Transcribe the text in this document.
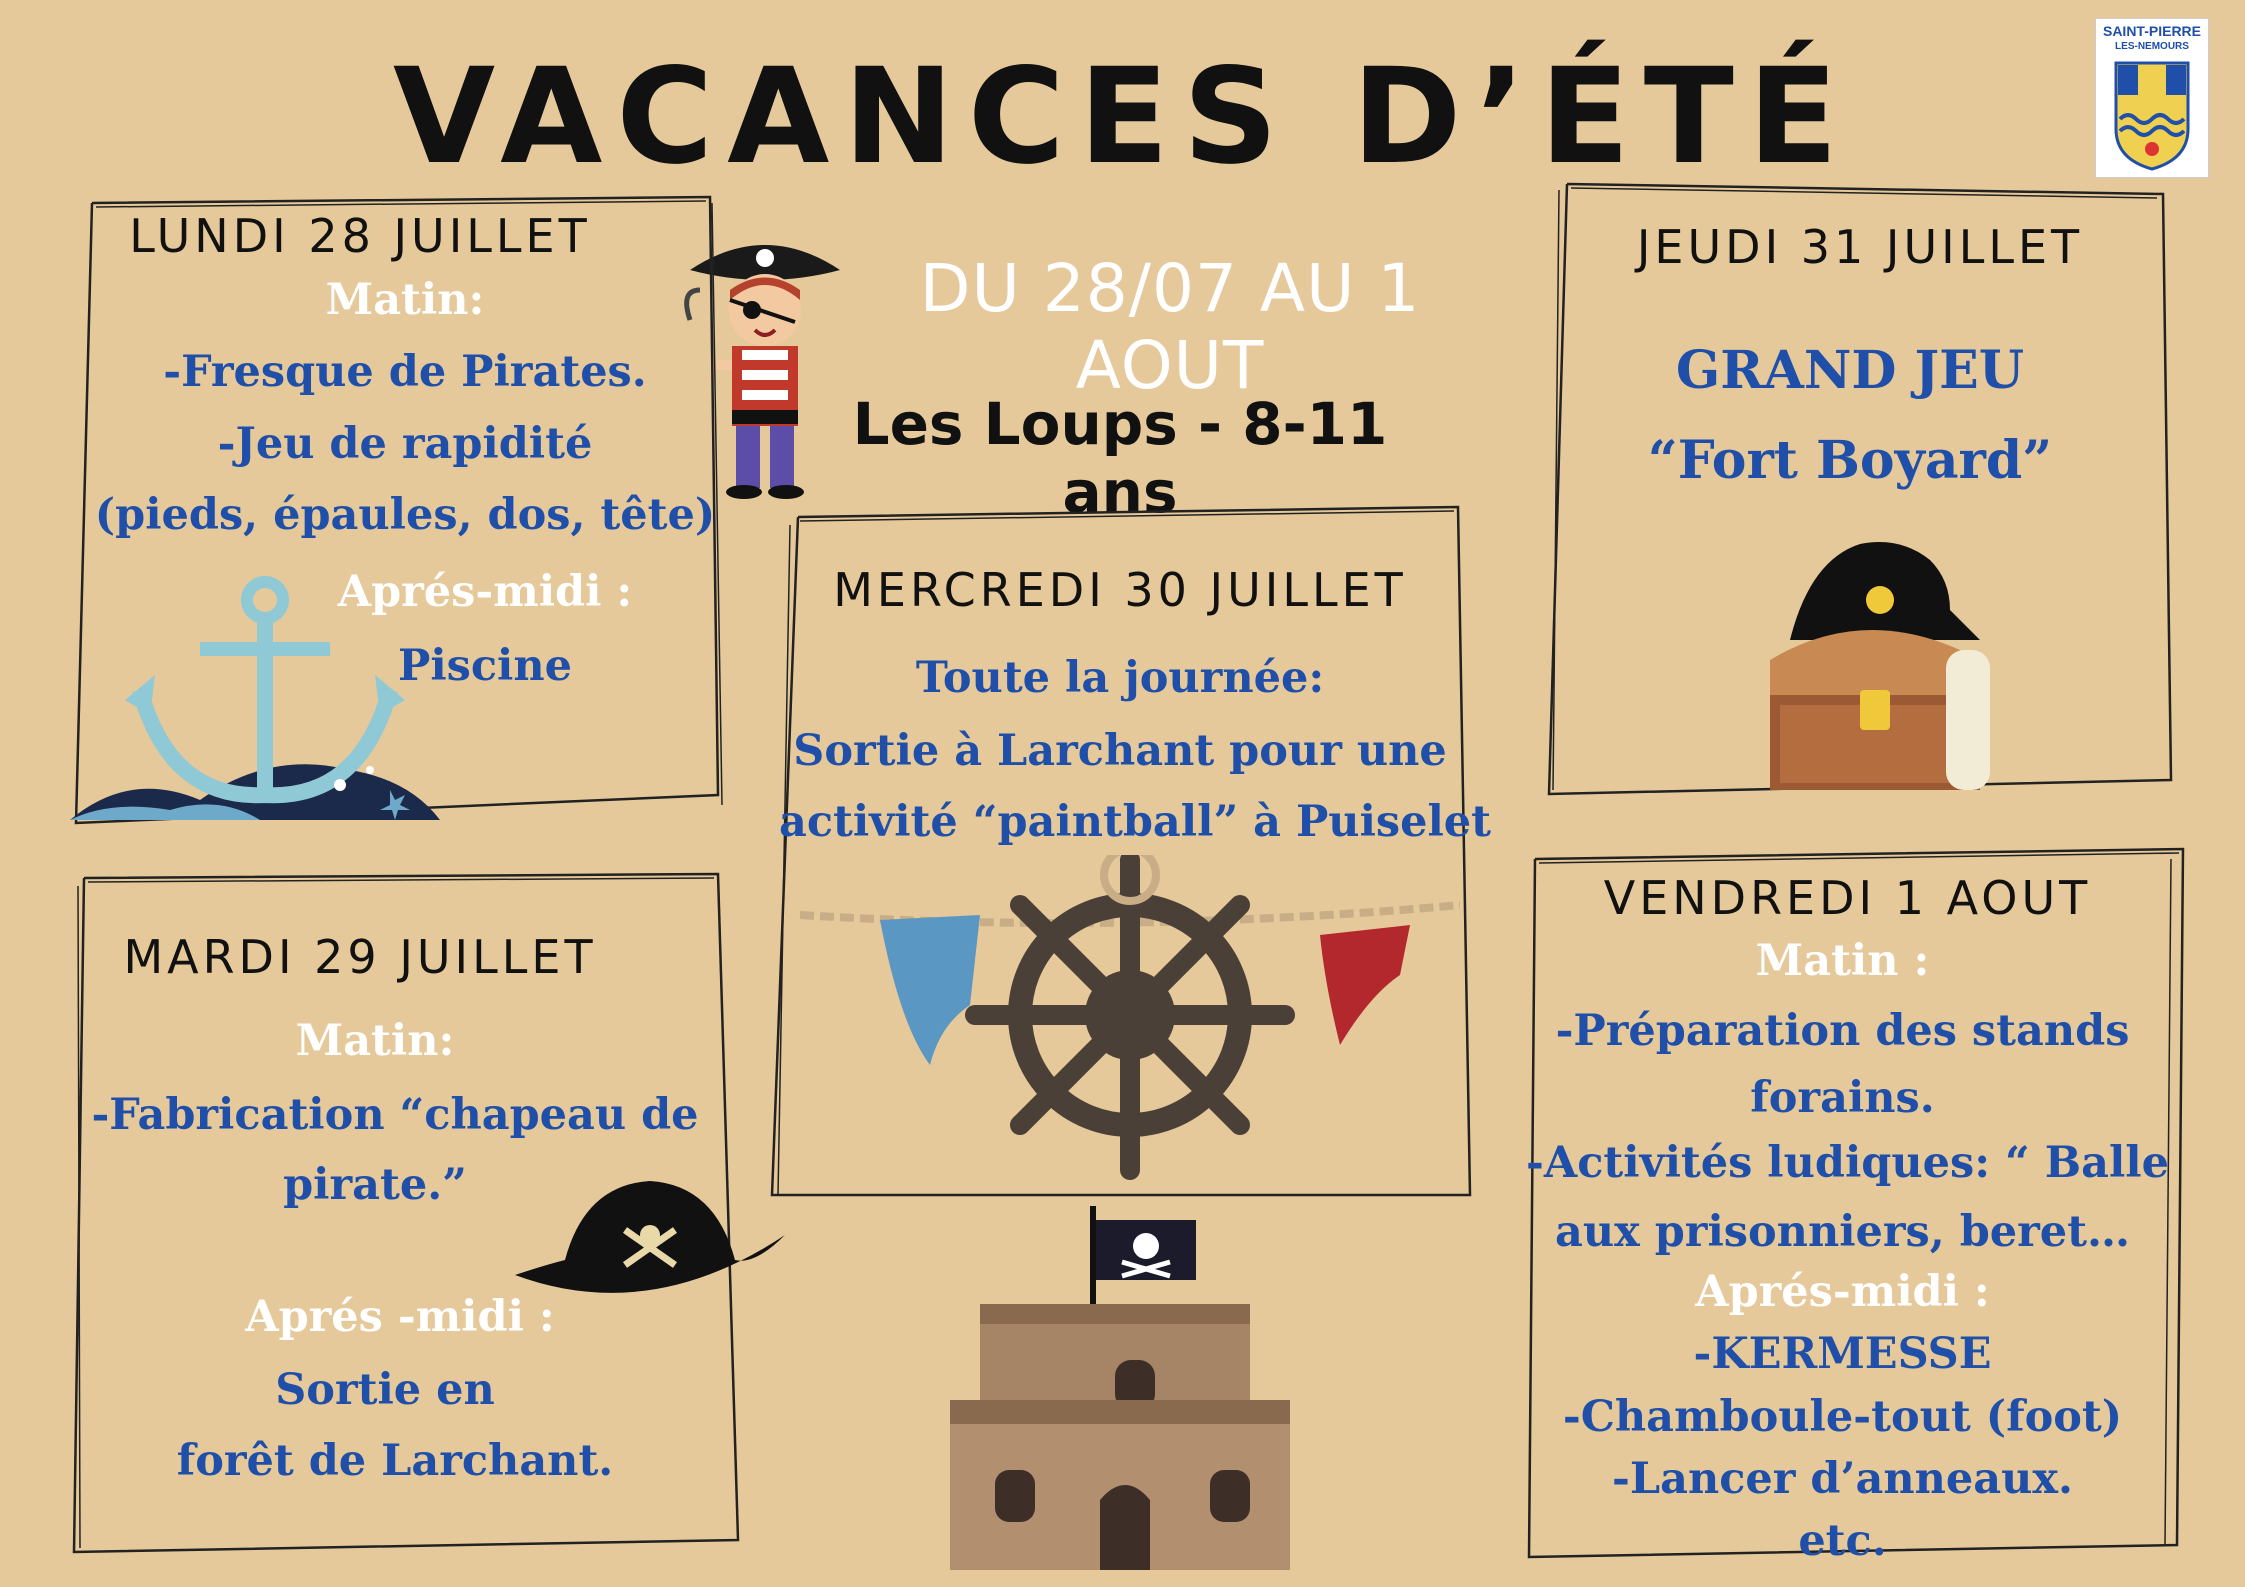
VACANCES D’ÉTÉ
SAINT-PIERRE
LES-NEMOURS
DU 28/07 AU 1 AOUT
Les Loups - 8-11 ans
LUNDI 28 JUILLET
Matin:
-Fresque de Pirates.
-Jeu de rapidité
(pieds, épaules, dos, tête)
Aprés-midi :
Piscine
MARDI 29 JUILLET
Matin:
-Fabrication “chapeau de
pirate.”
Aprés -midi :
Sortie en
forêt de Larchant.
MERCREDI 30 JUILLET
Toute la journée:
Sortie à Larchant pour une
activité “paintball” à Puiselet
JEUDI 31 JUILLET
GRAND JEU
“Fort Boyard”
VENDREDI 1 AOUT
Matin :
-Préparation des stands
forains.
-Activités ludiques: “ Balle
aux prisonniers, beret…
Aprés-midi :
-KERMESSE
-Chamboule-tout (foot)
-Lancer d’anneaux.
etc.
